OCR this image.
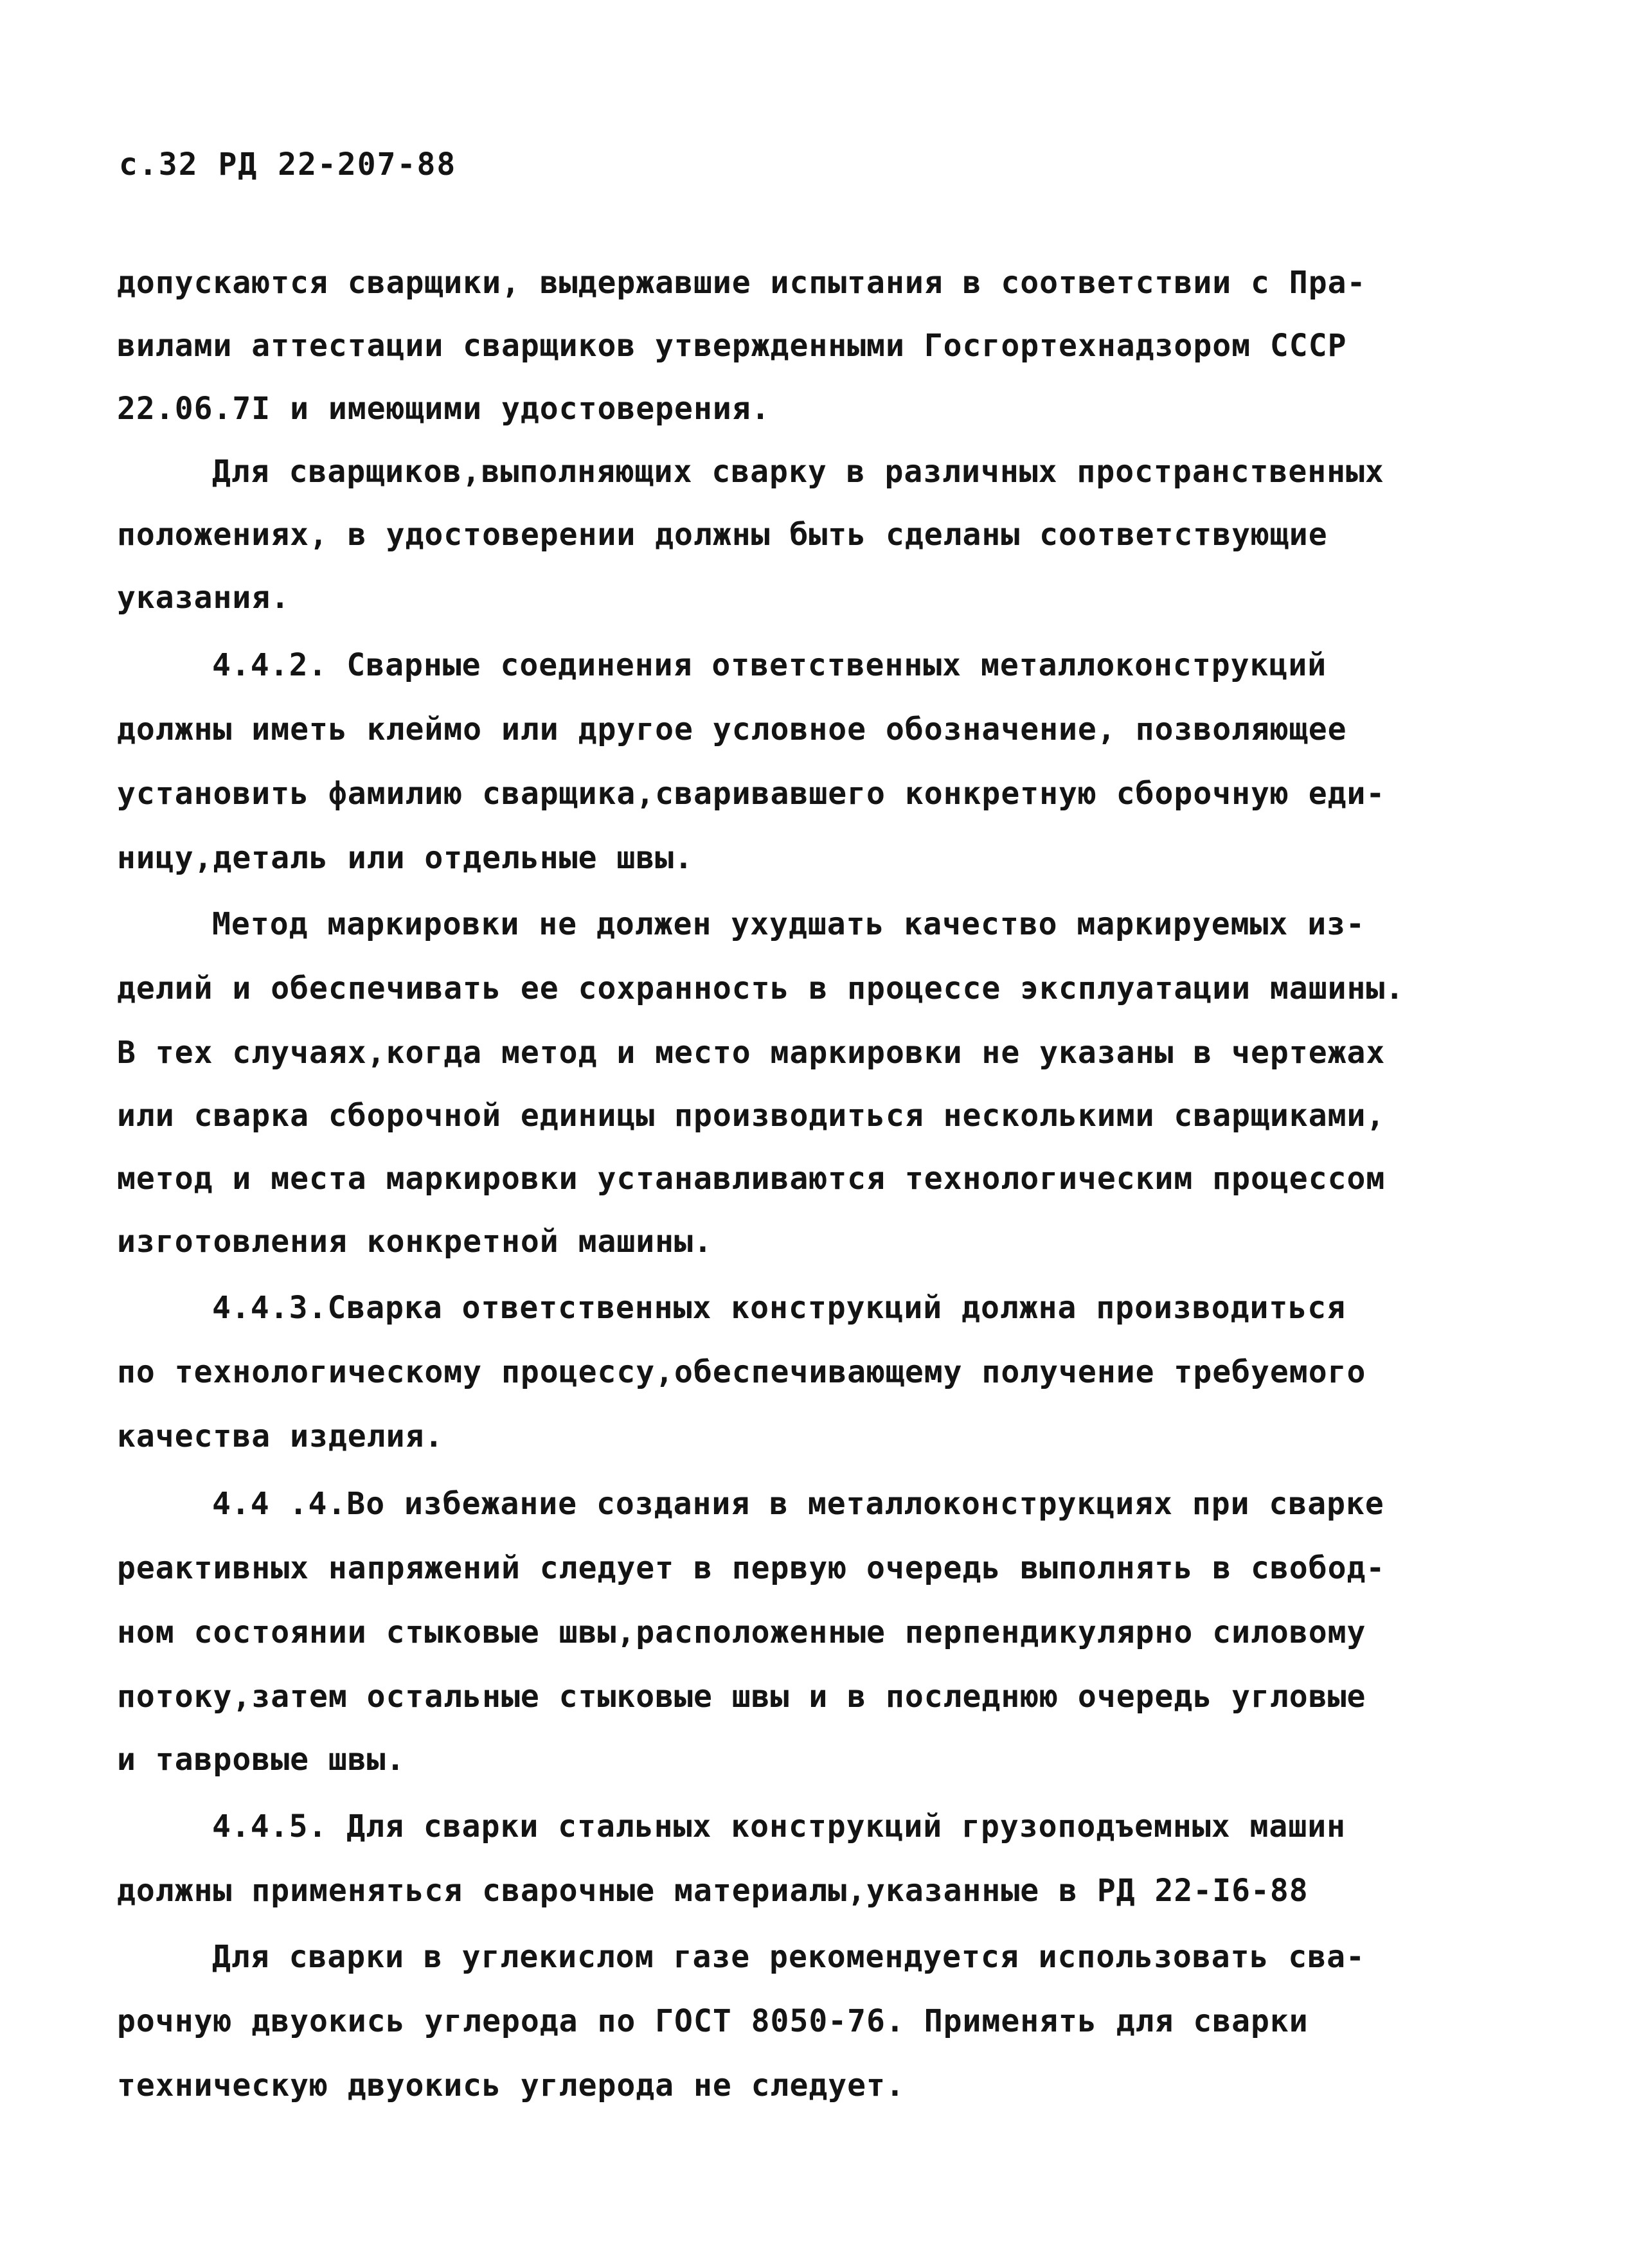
с.32 РД 22-207-88
допускаются сварщики, выдержавшие испытания в соответствии с Пра-
вилами аттестации сварщиков утвержденными Госгортехнадзором СССР
22.06.7I и имеющими удостоверения.
Для сварщиков,выполняющих сварку в различных пространственных
положениях, в удостоверении должны быть сделаны соответствующие
указания.
4.4.2. Сварные соединения ответственных металлоконструкций
должны иметь клеймо или другое условное обозначение, позволяющее
установить фамилию сварщика,сваривавшего конкретную сборочную еди-
ницу,деталь или отдельные швы.
Метод маркировки не должен ухудшать качество маркируемых из-
делий и обеспечивать ее сохранность в процессе эксплуатации машины.
В тех случаях,когда метод и место маркировки не указаны в чертежах
или сварка сборочной единицы производиться несколькими сварщиками,
метод и места маркировки устанавливаются технологическим процессом
изготовления конкретной машины.
4.4.3.Сварка ответственных конструкций должна производиться
по технологическому процессу,обеспечивающему получение требуемого
качества изделия.
4.4 .4.Во избежание создания в металлоконструкциях при сварке
реактивных напряжений следует в первую очередь выполнять в свобод-
ном состоянии стыковые швы,расположенные перпендикулярно силовому
потоку,затем остальные стыковые швы и в последнюю очередь угловые
и тавровые швы.
4.4.5. Для сварки стальных конструкций грузоподъемных машин
должны применяться сварочные материалы,указанные в РД 22-I6-88
Для сварки в углекислом газе рекомендуется использовать сва-
рочную двуокись углерода по ГОСТ 8050-76. Применять для сварки
техническую двуокись углерода не следует.
